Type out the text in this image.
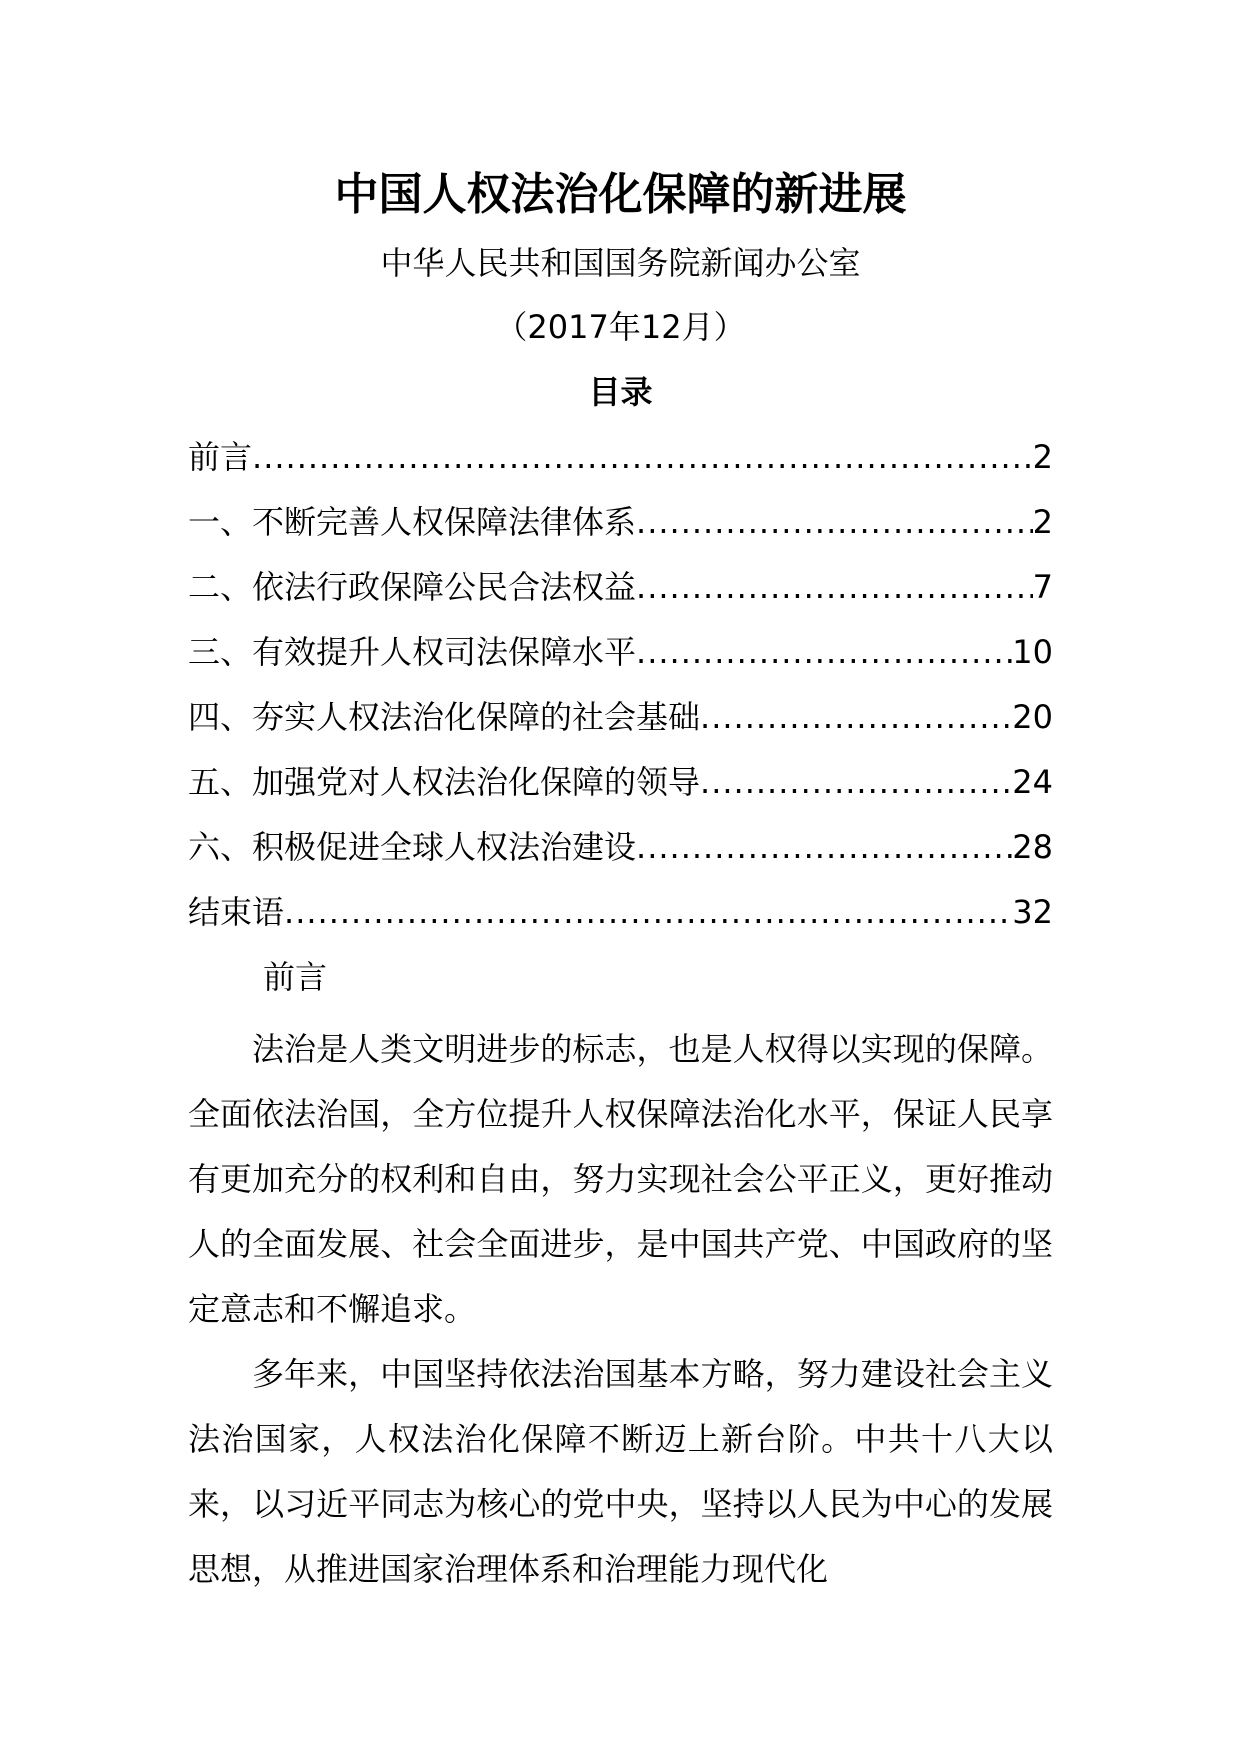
中国人权法治化保障的新进展
中华人民共和国国务院新闻办公室
（2017年12月）
目录
前言 .....	2
一、不断完善人权保障法律体系 .....	2
二、依法行政保障公民合法权益 .....	7
三、有效提升人权司法保障水平 .....	10
四、夯实人权法治化保障的社会基础 .....	20
五、加强党对人权法治化保障的领导 .....	24
六、积极促进全球人权法治建设 .....	28
结束语 .....	32
前言

法治是人类文明进步的标志，也是人权得以实现的保障。全面依法治国，全方位提升人权保障法治化水平，保证人民享有更加充分的权利和自由，努力实现社会公平正义，更好推动人的全面发展、社会全面进步，是中国共产党、中国政府的坚定意志和不懈追求。

多年来，中国坚持依法治国基本方略，努力建设社会主义法治国家，人权法治化保障不断迈上新台阶。中共十八大以来，以习近平同志为核心的党中央，坚持以人民为中心的发展思想，从推进国家治理体系和治理能力现代化
